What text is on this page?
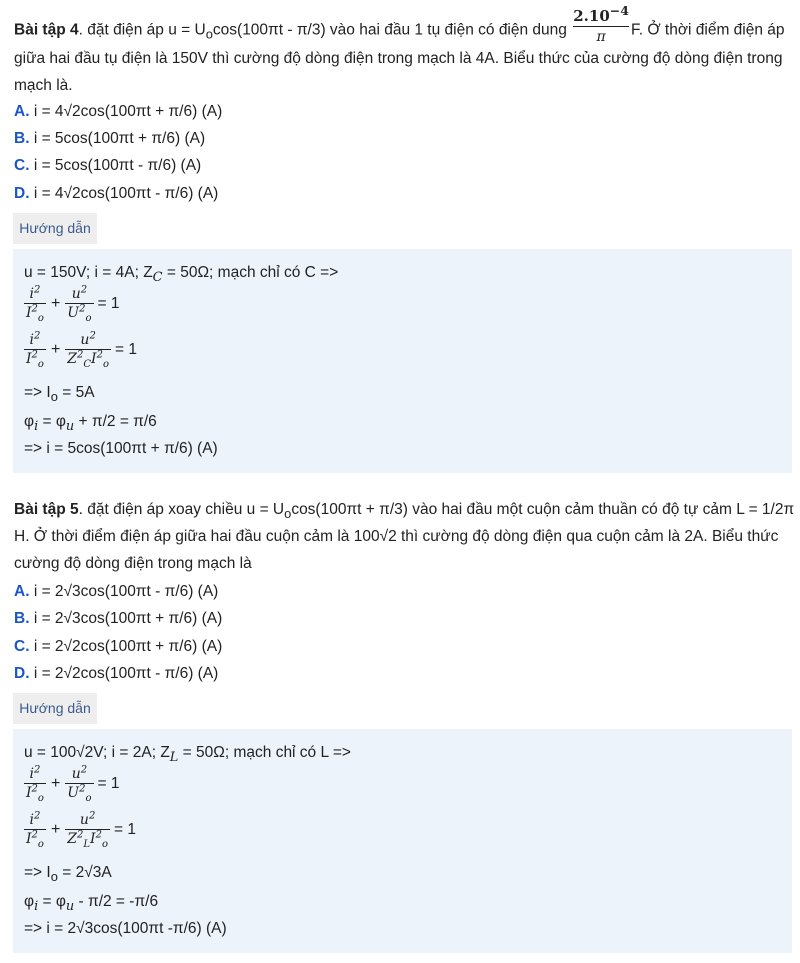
Bài tập 4. đặt điện áp $u = U_o\cos(100\pi t - \pi/3)$ vào hai đầu 1 tụ điện có điện dung $\frac{2.10^{-4}}{\pi} F$. Ở thời điểm điện áp
giữa hai đầu tụ điện là 150V thì cường độ dòng điện trong mạch là 4A. Biểu thức của cường độ dòng điện trong
mạch là.
A. i = 4√2cos(100πt + π/6) (A)
B. i = 5cos(100πt + π/6) (A)
C. i = 5cos(100πt - π/6) (A)
D. i = 4√2cos(100πt - π/6) (A)
Hướng dẫn
u = 150V; i = 4A; $Z_C = 50\Omega$; mạch chỉ có C =>
$\frac{i^2}{I^2_o} + \frac{u^2}{U^2_o} = 1$
$\frac{i^2}{I^2_o} + \frac{u^2}{Z^2_CI^2_o} = 1$
=> $I_o = 5A$
$\varphi_i = \varphi_u + \pi/2 = \pi/6$
=> i = 5cos(100πt + π/6) (A)
Bài tập 5. đặt điện áp xoay chiều $u = U_o\cos(100\pi t + \pi/3)$ vào hai đầu một cuộn cảm thuần có độ tự cảm L = 1/2π
H. Ở thời điểm điện áp giữa hai đầu cuộn cảm là 100√2 thì cường độ dòng điện qua cuộn cảm là 2A. Biểu thức
cường độ dòng điện trong mạch là
A. i = 2√3cos(100πt - π/6) (A)
B. i = 2√3cos(100πt + π/6) (A)
C. i = 2√2cos(100πt + π/6) (A)
D. i = 2√2cos(100πt - π/6) (A)
Hướng dẫn
u = 100√2V; i = 2A; $Z_L = 50\Omega$; mạch chỉ có L =>
$\frac{i^2}{I^2_o} + \frac{u^2}{U^2_o} = 1$
$\frac{i^2}{I^2_o} + \frac{u^2}{Z^2_LI^2_o} = 1$
=> $I_o = 2√3A$
$\varphi_i = \varphi_u - \pi/2 = -\pi/6$
=> i = 2√3cos(100πt -π/6) (A)
